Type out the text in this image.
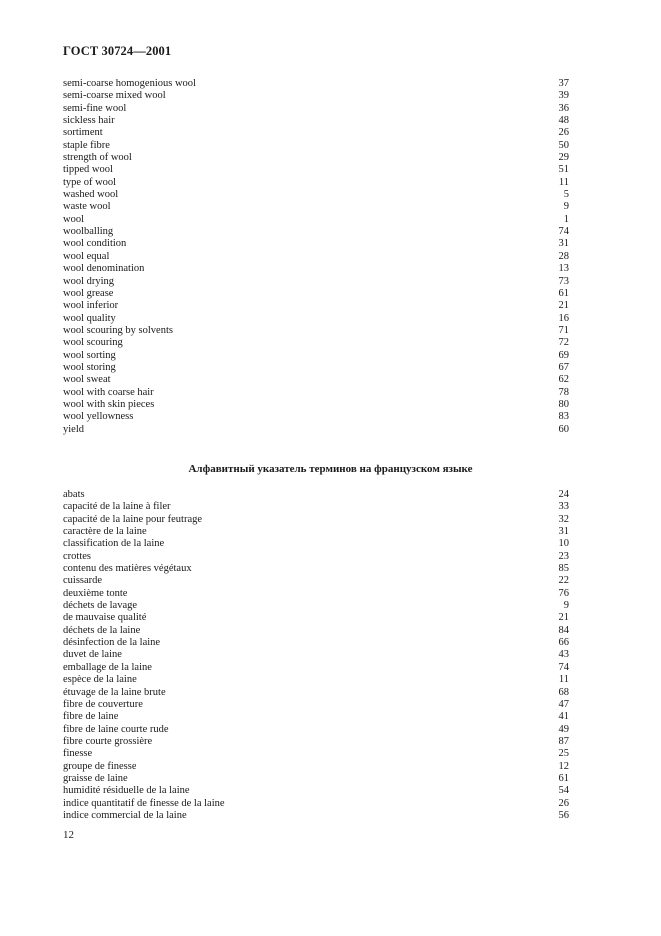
ГОСТ 30724—2001
semi-coarse homogenious wool	37
semi-coarse mixed wool	39
semi-fine wool	36
sickless hair	48
sortiment	26
staple fibre	50
strength of wool	29
tipped wool	51
type of wool	11
washed wool	5
waste wool	9
wool	1
woolballing	74
wool condition	31
wool equal	28
wool denomination	13
wool drying	73
wool grease	61
wool inferior	21
wool quality	16
wool scouring by solvents	71
wool scouring	72
wool sorting	69
wool storing	67
wool sweat	62
wool with coarse hair	78
wool with skin pieces	80
wool yellowness	83
yield	60
Алфавитный указатель терминов на французском языке
abats	24
capacité de la laine à filer	33
capacité de la laine pour feutrage	32
caractère de la laine	31
classification de la laine	10
crottes	23
contenu des matières végétaux	85
cuissarde	22
deuxième tonte	76
déchets de lavage	9
de mauvaise qualité	21
déchets de la laine	84
désinfection de la laine	66
duvet de laine	43
emballage de la laine	74
espèce de la laine	11
étuvage de la laine brute	68
fibre de couverture	47
fibre de laine	41
fibre de laine courte rude	49
fibre courte grossière	87
finesse	25
groupe de finesse	12
graisse de laine	61
humidité résiduelle de la laine	54
indice quantitatif de finesse de la laine	26
indice commercial de la laine	56
12
